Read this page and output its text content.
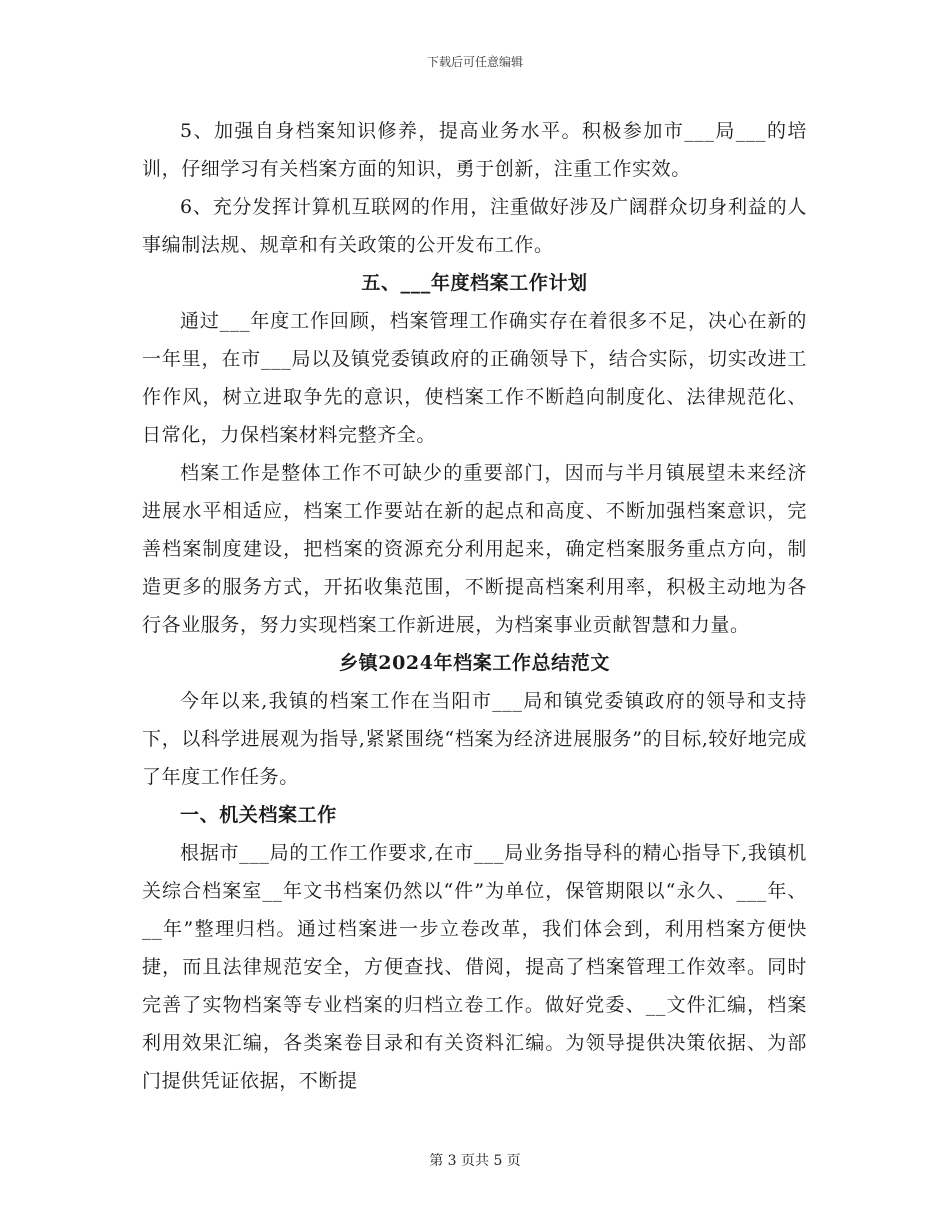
下载后可任意编辑

5、加强自身档案知识修养，提高业务水平。积极参加市___局___的培训，仔细学习有关档案方面的知识，勇于创新，注重工作实效。

6、充分发挥计算机互联网的作用，注重做好涉及广阔群众切身利益的人事编制法规、规章和有关政策的公开发布工作。

五、___年度档案工作计划

通过___年度工作回顾，档案管理工作确实存在着很多不足，决心在新的一年里，在市___局以及镇党委镇政府的正确领导下，结合实际，切实改进工作作风，树立进取争先的意识，使档案工作不断趋向制度化、法律规范化、日常化，力保档案材料完整齐全。

档案工作是整体工作不可缺少的重要部门，因而与半月镇展望未来经济进展水平相适应，档案工作要站在新的起点和高度、不断加强档案意识，完善档案制度建设，把档案的资源充分利用起来，确定档案服务重点方向，制造更多的服务方式，开拓收集范围，不断提高档案利用率，积极主动地为各行各业服务，努力实现档案工作新进展，为档案事业贡献智慧和力量。

乡镇2024年档案工作总结范文

今年以来,我镇的档案工作在当阳市___局和镇党委镇政府的领导和支持下，以科学进展观为指导,紧紧围绕“档案为经济进展服务”的目标,较好地完成了年度工作任务。

一、机关档案工作

根据市___局的工作工作要求,在市___局业务指导科的精心指导下,我镇机关综合档案室__年文书档案仍然以“件”为单位，保管期限以“永久、___年、__年”整理归档。通过档案进一步立卷改革，我们体会到，利用档案方便快捷，而且法律规范安全，方便查找、借阅，提高了档案管理工作效率。同时完善了实物档案等专业档案的归档立卷工作。做好党委、__文件汇编，档案利用效果汇编，各类案卷目录和有关资料汇编。为领导提供决策依据、为部门提供凭证依据，不断提

第 3 页共 5 页
